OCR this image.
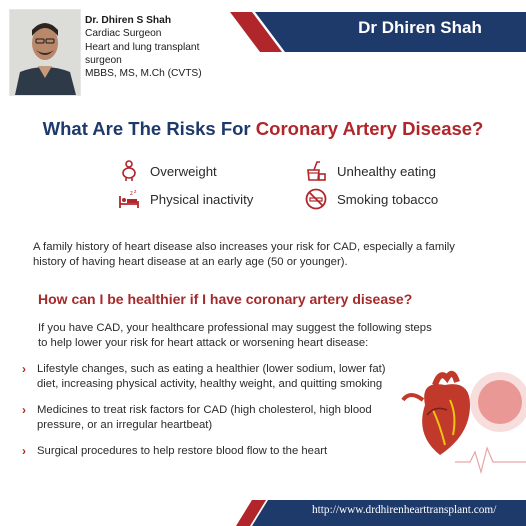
Dr Dhiren Shah
Dr. Dhiren S Shah
Cardiac Surgeon
Heart and lung transplant
surgeon
MBBS, MS, M.Ch (CVTS)
What Are The Risks For Coronary Artery Disease?
Overweight	Unhealthy eating
z z Physical inactivity	Smoking tobacco
A family history of heart disease also increases your risk for CAD, especially a family history of having heart disease at an early age (50 or younger).
How can I be healthier if I have coronary artery disease?
If you have CAD, your healthcare professional may suggest the following steps to help lower your risk for heart attack or worsening heart disease:
› Lifestyle changes, such as eating a healthier (lower sodium, lower fat) diet, increasing physical activity, healthy weight, and quitting smoking
› Medicines to treat risk factors for CAD (high cholesterol, high blood pressure, or an irregular heartbeat)
› Surgical procedures to help restore blood flow to the heart
http://www.drdhirenhearttransplant.com/
